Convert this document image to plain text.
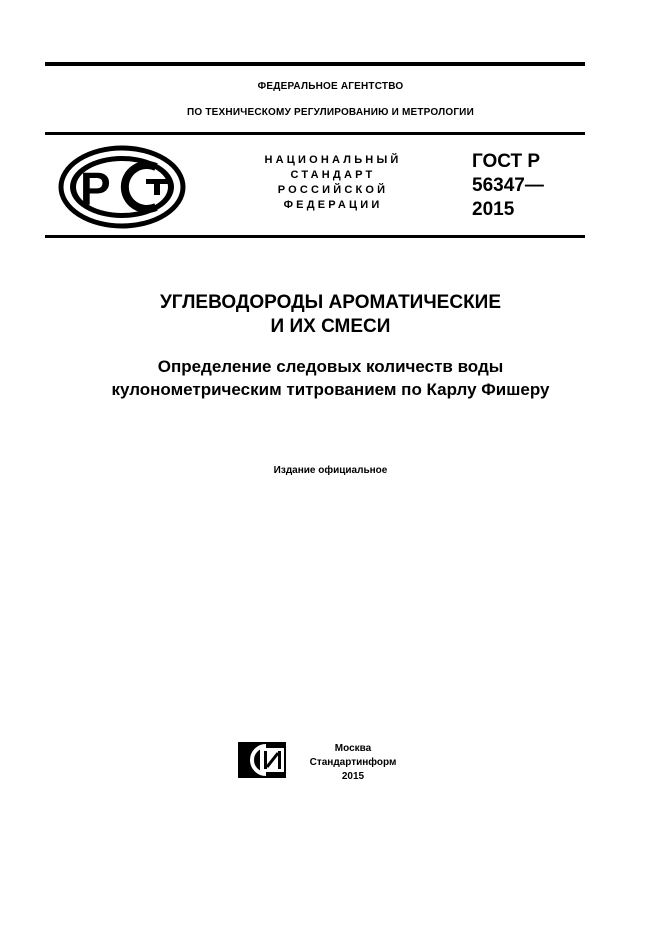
ФЕДЕРАЛЬНОЕ АГЕНТСТВО
ПО ТЕХНИЧЕСКОМУ РЕГУЛИРОВАНИЮ И МЕТРОЛОГИИ
Р
НАЦИОНАЛЬНЫЙ
СТАНДАРТ
РОССИЙСКОЙ
ФЕДЕРАЦИИ
ГОСТ Р
56347—
2015
УГЛЕВОДОРОДЫ АРОМАТИЧЕСКИЕ
И ИХ СМЕСИ
Определение следовых количеств воды
кулонометрическим титрованием по Карлу Фишеру
Издание официальное
Москва
Стандартинформ
2015
